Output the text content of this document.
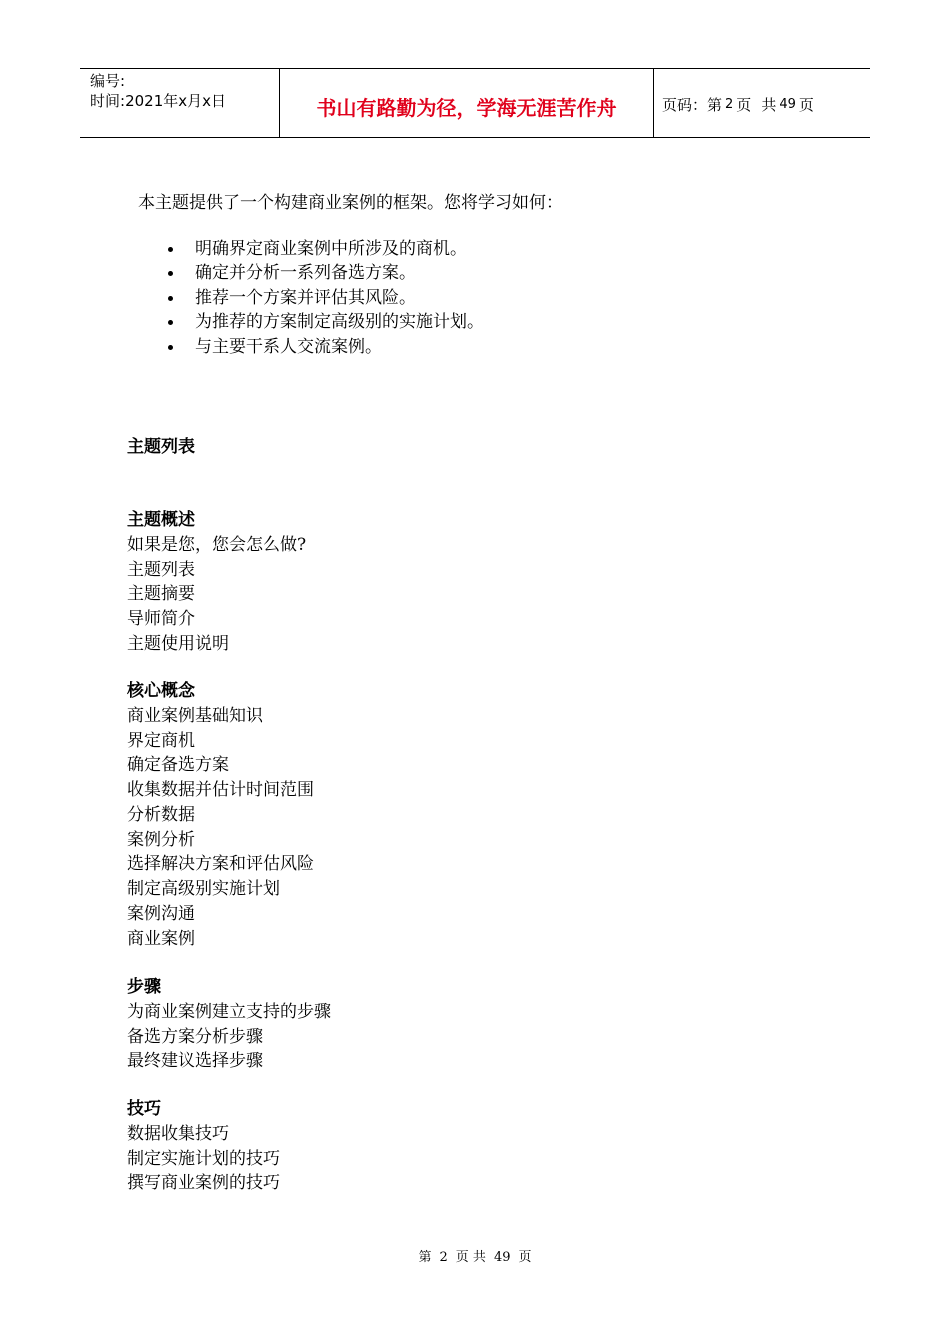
编号:
时间:2021年x月x日	书山有路勤为径，学海无涯苦作舟	页码：第 2 页 共 49 页
本主题提供了一个构建商业案例的框架。您将学习如何：
明确界定商业案例中所涉及的商机。
确定并分析一系列备选方案。
推荐一个方案并评估其风险。
为推荐的方案制定高级别的实施计划。
与主要干系人交流案例。
主题列表
主题概述
如果是您，您会怎么做?
主题列表
主题摘要
导师简介
主题使用说明
核心概念
商业案例基础知识
界定商机
确定备选方案
收集数据并估计时间范围
分析数据
案例分析
选择解决方案和评估风险
制定高级别实施计划
案例沟通
商业案例
步骤
为商业案例建立支持的步骤
备选方案分析步骤
最终建议选择步骤
技巧
数据收集技巧
制定实施计划的技巧
撰写商业案例的技巧
第 2 页 共 49 页
